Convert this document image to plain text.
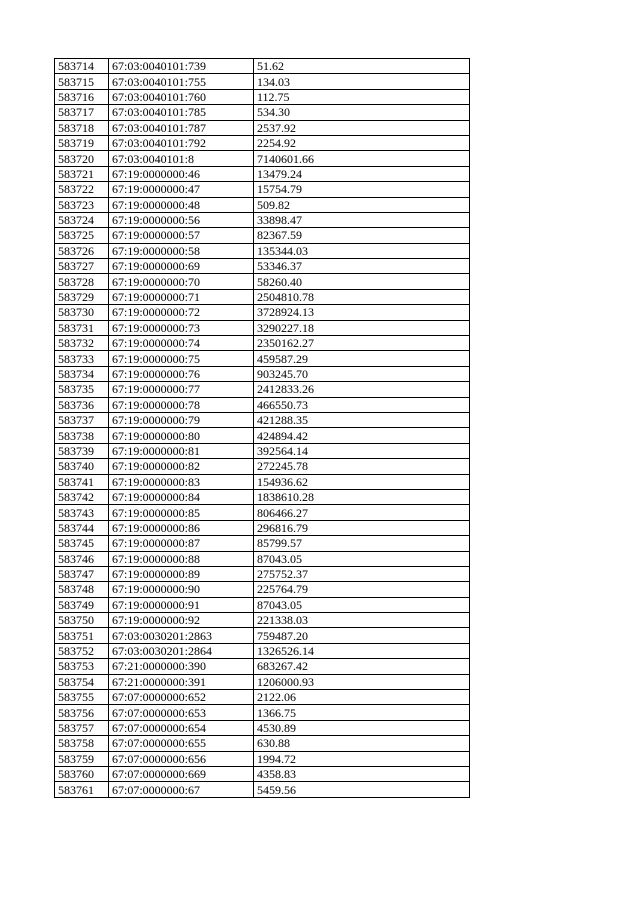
583714	67:03:0040101:739	51.62
583715	67:03:0040101:755	134.03
583716	67:03:0040101:760	112.75
583717	67:03:0040101:785	534.30
583718	67:03:0040101:787	2537.92
583719	67:03:0040101:792	2254.92
583720	67:03:0040101:8	7140601.66
583721	67:19:0000000:46	13479.24
583722	67:19:0000000:47	15754.79
583723	67:19:0000000:48	509.82
583724	67:19:0000000:56	33898.47
583725	67:19:0000000:57	82367.59
583726	67:19:0000000:58	135344.03
583727	67:19:0000000:69	53346.37
583728	67:19:0000000:70	58260.40
583729	67:19:0000000:71	2504810.78
583730	67:19:0000000:72	3728924.13
583731	67:19:0000000:73	3290227.18
583732	67:19:0000000:74	2350162.27
583733	67:19:0000000:75	459587.29
583734	67:19:0000000:76	903245.70
583735	67:19:0000000:77	2412833.26
583736	67:19:0000000:78	466550.73
583737	67:19:0000000:79	421288.35
583738	67:19:0000000:80	424894.42
583739	67:19:0000000:81	392564.14
583740	67:19:0000000:82	272245.78
583741	67:19:0000000:83	154936.62
583742	67:19:0000000:84	1838610.28
583743	67:19:0000000:85	806466.27
583744	67:19:0000000:86	296816.79
583745	67:19:0000000:87	85799.57
583746	67:19:0000000:88	87043.05
583747	67:19:0000000:89	275752.37
583748	67:19:0000000:90	225764.79
583749	67:19:0000000:91	87043.05
583750	67:19:0000000:92	221338.03
583751	67:03:0030201:2863	759487.20
583752	67:03:0030201:2864	1326526.14
583753	67:21:0000000:390	683267.42
583754	67:21:0000000:391	1206000.93
583755	67:07:0000000:652	2122.06
583756	67:07:0000000:653	1366.75
583757	67:07:0000000:654	4530.89
583758	67:07:0000000:655	630.88
583759	67:07:0000000:656	1994.72
583760	67:07:0000000:669	4358.83
583761	67:07:0000000:67	5459.56
